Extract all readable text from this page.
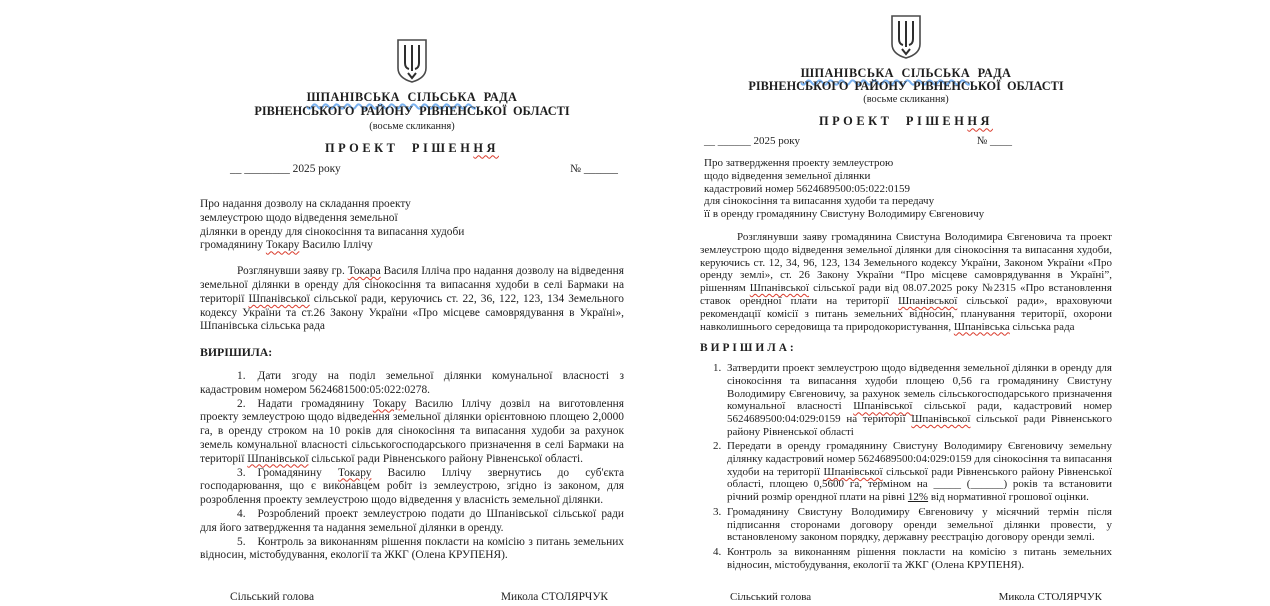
ШПАНІВСЬКА СІЛЬСЬКА РАДА
РІВНЕНСЬКОГО РАЙОНУ РІВНЕНСЬКОЇ ОБЛАСТІ
(восьме скликання)
ПРОЕКТ РІШЕННЯ
__ ________ 2025 року	№ ______
Про надання дозволу на складання проекту
землеустрою щодо відведення земельної
ділянки в оренду для сінокосіння та випасання худоби
громадянину Токару Василю Іллічу

Розглянувши заяву гр. Токара Василя Ілліча про надання дозволу на відведення земельної ділянки в оренду для сінокосіння та випасання худоби в селі Бармаки на території Шпанівської сільської ради, керуючись ст. 22, 36, 122, 123, 134 Земельного кодексу України та ст.26 Закону України «Про місцеве самоврядування в Україні», Шпанівська сільська рада

ВИРІШИЛА:

1. Дати згоду на поділ земельної ділянки комунальної власності з кадастровим номером 5624681500:05:022:0278.

2. Надати громадянину Токару Василю Іллічу дозвіл на виготовлення проекту землеустрою щодо відведення земельної ділянки орієнтовною площею 2,0000 га, в оренду строком на 10 років для сінокосіння та випасання худоби за рахунок земель комунальної власності сільськогосподарського призначення в селі Бармаки на території Шпанівської сільської ради Рівненського району Рівненської області.

3. Громадянину Токару Василю Іллічу звернутись до суб'єкта господарювання, що є виконавцем робіт із землеустрою, згідно із законом, для розроблення проекту землеустрою щодо відведення у власність земельної ділянки.

4. Розроблений проект землеустрою подати до Шпанівської сільської ради для його затвердження та надання земельної ділянки в оренду.

5. Контроль за виконанням рішення покласти на комісію з питань земельних відносин, містобудування, екології та ЖКГ (Олена КРУПЕНЯ).

Сільський голова	Микола СТОЛЯРЧУК
ШПАНІВСЬКА СІЛЬСЬКА РАДА
РІВНЕНСЬКОГО РАЙОНУ РІВНЕНСЬКОЇ ОБЛАСТІ
(восьме скликання)
ПРОЕКТ РІШЕННЯ
__ ______ 2025 року	№ ____
Про затвердження проекту землеустрою
щодо відведення земельної ділянки
кадастровий номер 5624689500:05:022:0159
для сінокосіння та випасання худоби та передачу
її в оренду громадянину Свистуну Володимиру Євгеновичу

Розглянувши заяву громадянина Свистуна Володимира Євгеновича та проект землеустрою щодо відведення земельної ділянки для сінокосіння та випасання худоби, керуючись ст. 12, 34, 96, 123, 134 Земельного кодексу України, Законом України «Про оренду землі», ст. 26 Закону України “Про місцеве самоврядування в Україні”, рішенням Шпанівської сільської ради від 08.07.2025 року №2315 «Про встановлення ставок орендної плати на території Шпанівської сільської ради», враховуючи рекомендації комісії з питань земельних відносин, планування території, охорони навколишнього середовища та природокористування, Шпанівська сільська рада

ВИРІШИЛА:

1. Затвердити проект землеустрою щодо відведення земельної ділянки в оренду для сінокосіння та випасання худоби площею 0,56 га громадянину Свистуну Володимиру Євгеновичу, за рахунок земель сільськогосподарського призначення комунальної власності Шпанівської сільської ради, кадастровий номер 5624689500:04:029:0159 на території Шпанівської сільської ради Рівненського району Рівненської області

2. Передати в оренду громадянину Свистуну Володимиру Євгеновичу земельну ділянку кадастровий номер 5624689500:04:029:0159 для сінокосіння та випасання худоби на території Шпанівської сільської ради Рівненського району Рівненської області, площею 0,5600 га, терміном на _____ (______) років та встановити річний розмір орендної плати на рівні 12% від нормативної грошової оцінки.

3. Громадянину Свистуну Володимиру Євгеновичу у місячний термін після підписання сторонами договору оренди земельної ділянки провести, у встановленому законом порядку, державну реєстрацію договору оренди землі.

4. Контроль за виконанням рішення покласти на комісію з питань земельних відносин, містобудування, екології та ЖКГ (Олена КРУПЕНЯ).

Сільський голова	Микола СТОЛЯРЧУК
